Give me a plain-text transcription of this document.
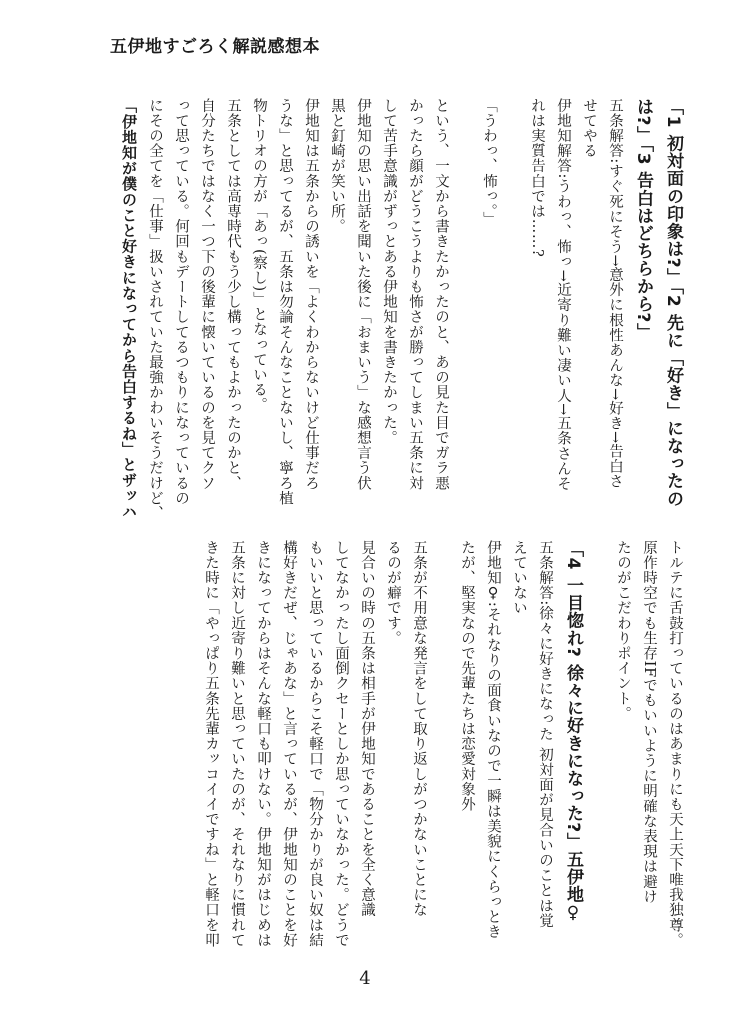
五伊地すごろく解説感想本
「1 初対面の印象は?」「2 先に「好き」になったの
は?」「3 告白はどちらから?」
五条解答:すぐ死にそう→意外に根性あんな→好き→告白さ
せてやる
伊地知解答:うわっ、怖っ→近寄り難い凄い人→五条さんそ
れは実質告白では……?
「うわっ、怖っ。」
という、一文から書きたかったのと、あの見た目でガラ悪
かったら顔がどうこうよりも怖さが勝ってしまい五条に対
して苦手意識がずっとある伊地知を書きたかった。
伊地知の思い出話を聞いた後に「おまいう」な感想言う伏
黒と釘崎が笑い所。
伊地知は五条からの誘いを「よくわからないけど仕事だろ
うな」と思ってるが、五条は勿論そんなことないし、寧ろ植
物トリオの方が「あっ(察し)」となっている。
五条としては高専時代もう少し構ってもよかったのかと、
自分たちではなく一つ下の後輩に懐いているのを見てクソ
って思っている。何回もデートしてるつもりになっているの
にその全てを「仕事」扱いされていた最強かわいそうだけど、
「伊地知が僕のこと好きになってから告白するね」とザッハ
トルテに舌鼓打っているのはあまりにも天上天下唯我独尊。
原作時空でも生存IFでもいいように明確な表現は避け
たのがこだわりポイント。
「4 一目惚れ? 徐々に好きになった?」五伊地♀
五条解答:徐々に好きになった 初対面が見合いのことは覚
えていない
伊地知♀:それなりの面食いなので一瞬は美貌にくらっとき
たが、堅実なので先輩たちは恋愛対象外
五条が不用意な発言をして取り返しがつかないことにな
るのが癖です。
見合いの時の五条は相手が伊地知であることを全く意識
してなかったし面倒クセーとしか思っていなかった。どうで
もいいと思っているからこそ軽口で「物分かりが良い奴は結
構好きだぜ、じゃあな」と言っているが、伊地知のことを好
きになってからはそんな軽口も叩けない。伊地知がはじめは
五条に対し近寄り難いと思っていたのが、それなりに慣れて
きた時に「やっぱり五条先輩カッコイイですね」と軽口を叩
4
